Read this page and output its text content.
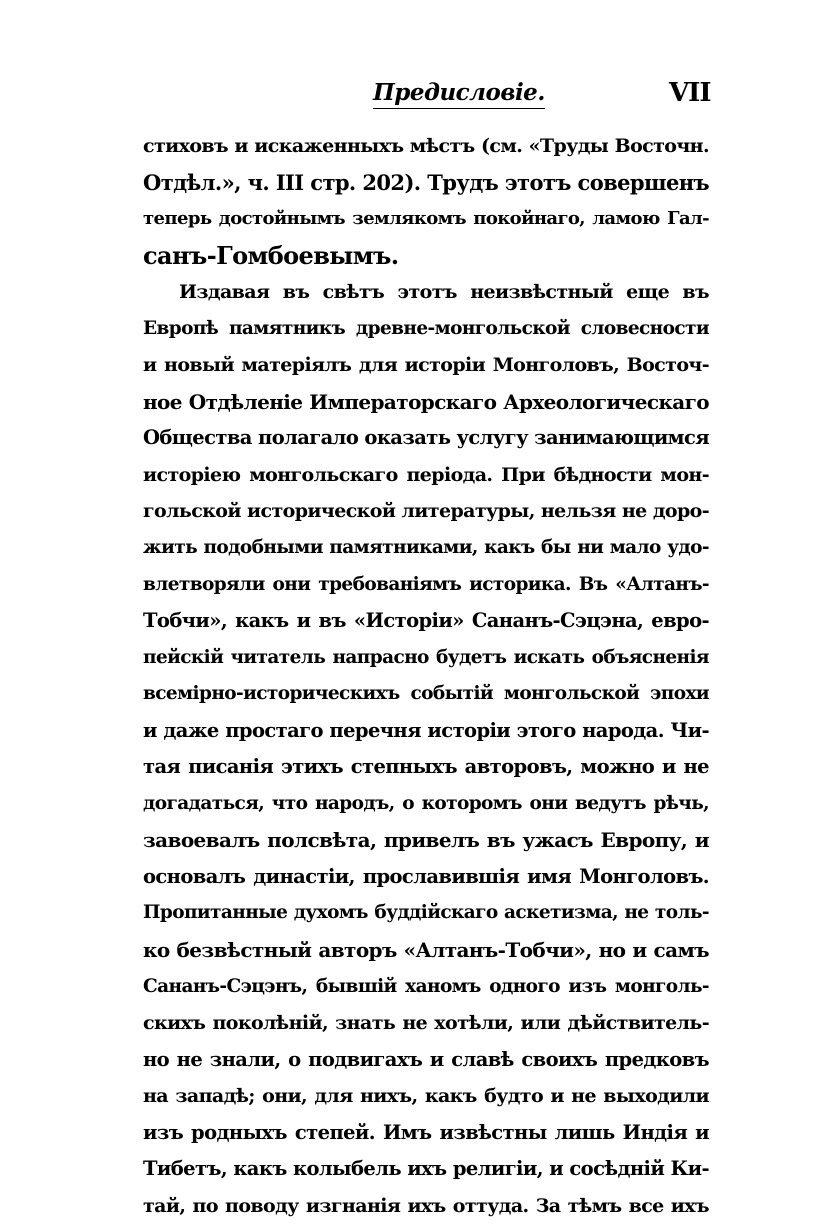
Предисловіе.	VII
стиховъ и искаженныхъ мѣстъ (см. «Труды Восточн.
Отдѣл.», ч. III стр. 202). Трудъ этотъ совершенъ
теперь достойнымъ землякомъ покойнаго, ламою Гал-
санъ-Гомбоевымъ.
Издавая въ свѣтъ этотъ неизвѣстный еще въ
Европѣ памятникъ древне-монгольской словесности
и новый матеріялъ для исторіи Монголовъ, Восточ-
ное Отдѣленіе Императорскаго Археологическаго
Общества полагало оказать услугу занимающимся
исторіею монгольскаго періода. При бѣдности мон-
гольской исторической литературы, нельзя не доро-
жить подобными памятниками, какъ бы ни мало удо-
влетворяли они требованіямъ историка. Въ «Алтанъ-
Тобчи», какъ и въ «Исторіи» Сананъ-Сэцэна, евро-
пейскій читатель напрасно будетъ искать объясненія
всемірно-историческихъ событій монгольской эпохи
и даже простаго перечня исторіи этого народа. Чи-
тая писанія этихъ степныхъ авторовъ, можно и не
догадаться, что народъ, о которомъ они ведутъ рѣчь,
завоевалъ полсвѣта, привелъ въ ужасъ Европу, и
основалъ династіи, прославившія имя Монголовъ.
Пропитанные духомъ буддійскаго аскетизма, не толь-
ко безвѣстный авторъ «Алтанъ-Тобчи», но и самъ
Сананъ-Сэцэнъ, бывшій ханомъ одного изъ монголь-
скихъ поколѣній, знать не хотѣли, или дѣйствитель-
но не знали, о подвигахъ и славѣ своихъ предковъ
на западѣ; они, для нихъ, какъ будто и не выходили
изъ родныхъ степей. Имъ извѣстны лишь Индія и
Тибетъ, какъ колыбель ихъ религіи, и сосѣдній Ки-
тай, по поводу изгнанія ихъ оттуда. За тѣмъ все ихъ
